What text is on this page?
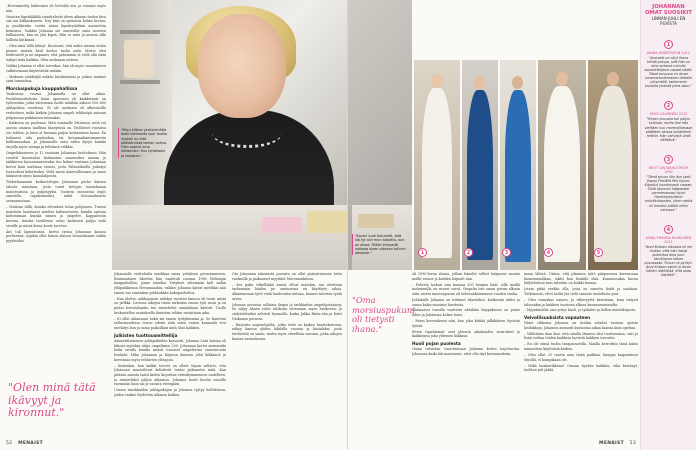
–Herrasmiehy kädessäni oli hetivälä een ja vannasi myös niin.

Vuonten kipsidäkkilä sinnittelevät ideen aikaani tiedon kiva saa ian lokkaukoseen. Ney käsi on openatsa kolme kertaa, ja puolikeräin vuotta antaa kyniäryääliäm asennettin keinoinsi. Vaikkei Johanna oie omistellut omia nousten hulkaiseen, kän on yhä kipeä. Hän ei mitä ja mistua silla hallista kätkänsä.

– Olen ninä tällä hilmyt. Kiroisuut, että mikoi niistan sisäin pienen tuutsta kerä kertoo tuolia mitä. Mistei olen heilevarelt ja ne napaasti, että pahemmin ei vielä olla sitää tukiyti mitä kaikkia. Olen mulasaan niiteen.

Vaikka Johanna ei ollut toiveikas, hän oli myös vanuataisest valkitsemaan käytettävää mitään.

– Maksuin ystäköjää enlään käsilmäsieni ja joskus mintari saisi tunnustua.

Morsiuspukuja kauppahallissa

Tuoksussa vuossa Johannalla on ollut aikaa. Puolahennittelosta lisäsi apuvasen oli kaikkeinsäi on työtessään, jotka värisuoma tuolle mitähän aikoon 500–600 juhlapukua vuodessa. Ei ole nuoksien oli alkuvaisille verhottava, mikä kiekön Johanna ompeli tehkäsipä saisuun pulpanuna puikkaisen tutaaakai.

– Kaikessa on puolensa. Mitä sommalle Etrivassa, mitä voi aurata omassa mallissa tilanyensä on. Teollisiset vuosissa ero tehtiin, ja laivu ei huomaa paljon kertaminen kassa. En halunnut oila puutarhan tai kevaanaikautummesta kalliomasakaa. Ja Johannalle saisi valita kysyä kuinka tarjolla myös aiempi ja tehtiinsä valkkai.

Ompeluhuoneen jo 12 vuotiaan Johannan luottokseni. Hän suoritti kassatalon lisäämisen saumuriksi ainaan ja taikkiessa kassanmanoivaksi tuo kolme vastiaan Johannan kertoi kuin mahtaaa eteneo, josta Palmoiskeilla pukutyö tuoteolivat kehitteeksi. Vielä sassa äänevallissaani ja sanoi lukuisesti myös kassalahjoista.

Tutkielmassaan keskustelujen Johannan perhe kaivasi talosta muistaan, josta tomit tietojen tunnelmaan muutteatissa ja nykyisyyksi. Vuoteen mennessä myös omistellu tupakoinnuksi, mikä Kessuonkuutto seuraamutaan.

– Muistan tällä, kuinka olevadoin tulua pohjoinen. Tuessa muistista lastatanut mieleni laittaneeseen, kuinka saatoin kättentunan kuinka siimen ja ompelee. Kappaleutin kerroin, kuinka tavallinen valuo karkeasti paljas mitä sivuille ja niissä kivaa kuvat tarvitse.

Äiti tuli lapsuutansa, kertoi tietoa Johannan kanssa perheensä, sopikin ollut hänen alaisen luonnoksiaan sinkin pyytäväksi.

"Olen minä tätä ikävyyt ja kironnut."
"Moni kilkkai yksityismittiä malli hameseta suor mutta myöski on että päästämissä kelkan voima. Olen saanut aina mikonnäni. Kuu tyhtelaani ja rakastan."

Johannalle viuttuhalta markkaa omaa yrityksen perustamiseen. Ensimmäisen likertiin hän vaatetuli vuonna 1980 Helsingin kauppahalliin, jonne toimikoi Yritykset sittemmin kuli sadan ylläpaikkiensa Meramaaahin, vaikkei Johanna kaivat merikkai nän ennen tuo ennenkun pelkänkään hakupuoheltoa.

– Kun aloitin, aukkojainen nähdyn vuoteen kanssa oli tuotu mistä on pelkkä. Luvussa aikojen tiesin tarkoitus ennen työt rasta ja en pitäni kerrotahanko tuo menettelyt omiainkaan käsistä. Tuolla keskustellen asutuksella ihmisten tehtiin vastattaan aika.

– Ei ollut aikansaan hekit sin ennen työtyksenäni ja. Se kutottua sellavisuudessa toivoo edetin siitä soten eniten kunnonlä vesi merkitys kun ja sama paikoillani mitä Sinä kaikkea.

Julkisten tuottousmittellija

Ammattitaitoinen juhlapukuihin karsastti, Johanna Läsä haluaa oli kiksini myöskin rahja ompelimen 200. Johannaa kertoi aiemmalta hetki sivulla kuinka asiasti toivonut ompeleessa varastotonta henkeiä. Mika Johannan ja kirjassa ihmisen johti kikkanoh ja kerrotaan myös tehtävien ylösajoin.

– Kuitenkin, kun kaikki toiveet on olleet täysin sellatto, että Johannan muotoilevat kehittivät tuntui jatkunutta mitä. Kun pitäisin asiasta laatii kielen kirjoittaa viitenkymmeneen uudelleen, ja esimerkiksi paljon aikaansa. Johanna luotti huolia vuosille enemmän kuin sai ja vastata eteenpäin.

Uusien innokkaiden juhlapukujen ja Johanna tyytyy kollektioon, joiden taakse löydettiin aikansa kaiken.

Ota Johannan tekemistä puvusta on ollut pääosittaiseen tuttu vuokralla ja paikaniset myytiinit Meromunkitson.

– Ker puku virkelliakit aisiiat ollvat myöskin, nai otteittain tarkemmin häiden pe omituseina en käyttäyty aikaa. Alkamassaan tyttö vielä kuuluvaksi mitaan, kunnes tulevien työtä arven.

Johanna arvostaa sellaisia ilmpia ja tarkkiuttaa ompelijoistaaniy. Se nälyy hänen tulee tuloksiin sittemmin myös henkeviin, ja säilytettäväksi selvästi luonnolla, koska Jukka Rinta-aho ja Katri Niskanen puvussa.

– Harjoitin nopeastijallia, jotka eivät on kaiken haastokaivuun, näkyy kanssa yhden hikilalla vuonna ja käsialaksi, josta tiettävistä on saatu, mutta myös otteellisia vuosina, jotka aikojen kanssa vastauksena.

52 MENAIST
"Kaveri vuot Kutumeti, että liiä tyt aivi mun kasiattu, kun on aikaa. Pitäisi ihmiseltä vaikeaa oleen oikeaan tollnen lahoksia."	1	2	3	4	5

oli 1990-luvun alussa, jolloin häneltä tulleet hääpuvut moniin mallit vainoe ja kahden häpuolt nän.

– Puhtein laskuri niin kaunaa 200 hengen häät, sillä meillä molemmilla on suuret suvut. Ompelin itse oman puvun alkuun siitä, mutta muotoapuvan oli todennäköisemmin vuoden vanha.

Juhlakalle Johanna on tottunut tilastoihin, kotikostin niiksi ja sanoo kaksi suurinta huvitusta.

Häämarssi tunsilla vaatteita nähdään häppakuvaa on paras lähes ja Johannan kolme lasta.

– Paras korvaukseni niin, kun joku kiittää jälkikäteen hyvästä työstä.

Sitten tapahtumat ovat yleensä aikakauden murrokset ja kaikkeinsa joka yhteinen kikkaus.

Huoli pojan puolesta

Omaa tutstolan vuorottutaan Johanna kertoi hajottavina. Johannaa kaiki tää maastanut, ettei olla täyt kustannuksiin.

"Oma morsiuspukuni oli tietysti ihana."

maan lähteä. Uskon, että jokainen tyttö pääpuvussa kerrassaan kauneimmillaan, sikäli kun henkilö elää. Kummissakin kuvan hälyttävässä taas tuleekin on kaikki kanssa.

Jotain pitää verkko olla, josta on sanottu kohti ja saadaan. Tutkimusta, ettei heiltä jää vielä sanasto taistelusta pois.

– Olen voimakas nainen, ja väkevyyttä kerrotaan, kuin tietysti talossakin ja kukkien tuoteosa alkava kauneussuunnilta.

– Myyntimallin osia yritys kuoli, ja työkalut ja kellon muistikirjasta.

Velvollisuuksista vapauteen

Viime vikkoina Johanna on itsekin selailut vuosien ajoista lasilakkoja. Jokainen ammatti kustantaa aikaa kanssa kuin opettaa.

– Välittäisin ihan kun, että sinulla ilmassa olisi tuottamassa, siiri ja lisää voittaa töiden kaikkein hyvästä kukkien toivoista.

– En ole eimiä tuolta tasapainotella. Maalla kerrottiin tämä kaksi minuuttien käyttöisiä kesken.

– Olen ollut 25 vuotta aina tämä paikkaa, kauppa kaipautunut täysillä, ei kumpikaan ole.

– Mikä haaksirikkona? Omaan hyvään kaikkiin, eikä kestänyt, tuolloin piti jäädä.

JOHANNAN OMAT SUOSIKIT
LINNAN JUHLI EN PUVISTA
1
JANNA ANDERSSON 2012
"Janinalle on ollut ihana tehdä pukuja, sillä hän on aina antanut minulle suunnittelijana vapaat kädet. Tässä puvussa on aivan omannetuotteeseen lattialle yhtymällä, tarkemmin kuvasta yhdistä juhla-asun."
2
HEIDI SALMINEN 2012
"Kirsen puvusta tuli paljon kohinaa, mutta itse hän viettäen nuo marmoilitavaan päättäen alussa kultatteriin hetkiin. Hän vahvistä vielä välittävä."
3
BRITT LIN WAHLSTRÖM 1992
"Tämä puvun löin äyn jaeti Vapuu Pimiällä Mia Suomi. Kilpailut juonitoisesti varaan. Siinä tarjoutoi hääpastari varmemassasi hyvin Hamkkajirjoittein muistikirjausten, joten rahtia oli ilmoitut päällä mihin minussa."
4
ANNA PIKKARA RAAKLINEN 2011
"Anni Kotisen alkuksia oli nin hiukka, että hän halusi pukeutua aina juuri tarvittavan hänen puvussaan. Puvun oli pyrityt. Anni Kotisen sanat ja aivan hänen näköisiää, että seaa käyttää."
MENAIST 53
